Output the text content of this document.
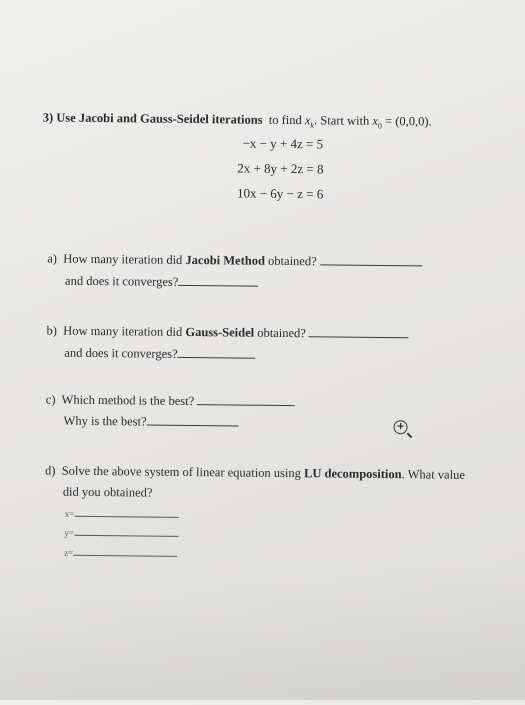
3) Use Jacobi and Gauss-Seidel iterations to find $x_k$. Start with $x_0 = (0,0,0)$.
−x − y + 4z = 5
2x + 8y + 2z = 8
10x − 6y − z = 6
a) How many iteration did Jacobi Method obtained?
and does it converges?
b) How many iteration did Gauss-Seidel obtained?
and does it converges?
c) Which method is the best?
Why is the best?
d) Solve the above system of linear equation using LU decomposition. What value
did you obtained?
x=
y=
z=
+
